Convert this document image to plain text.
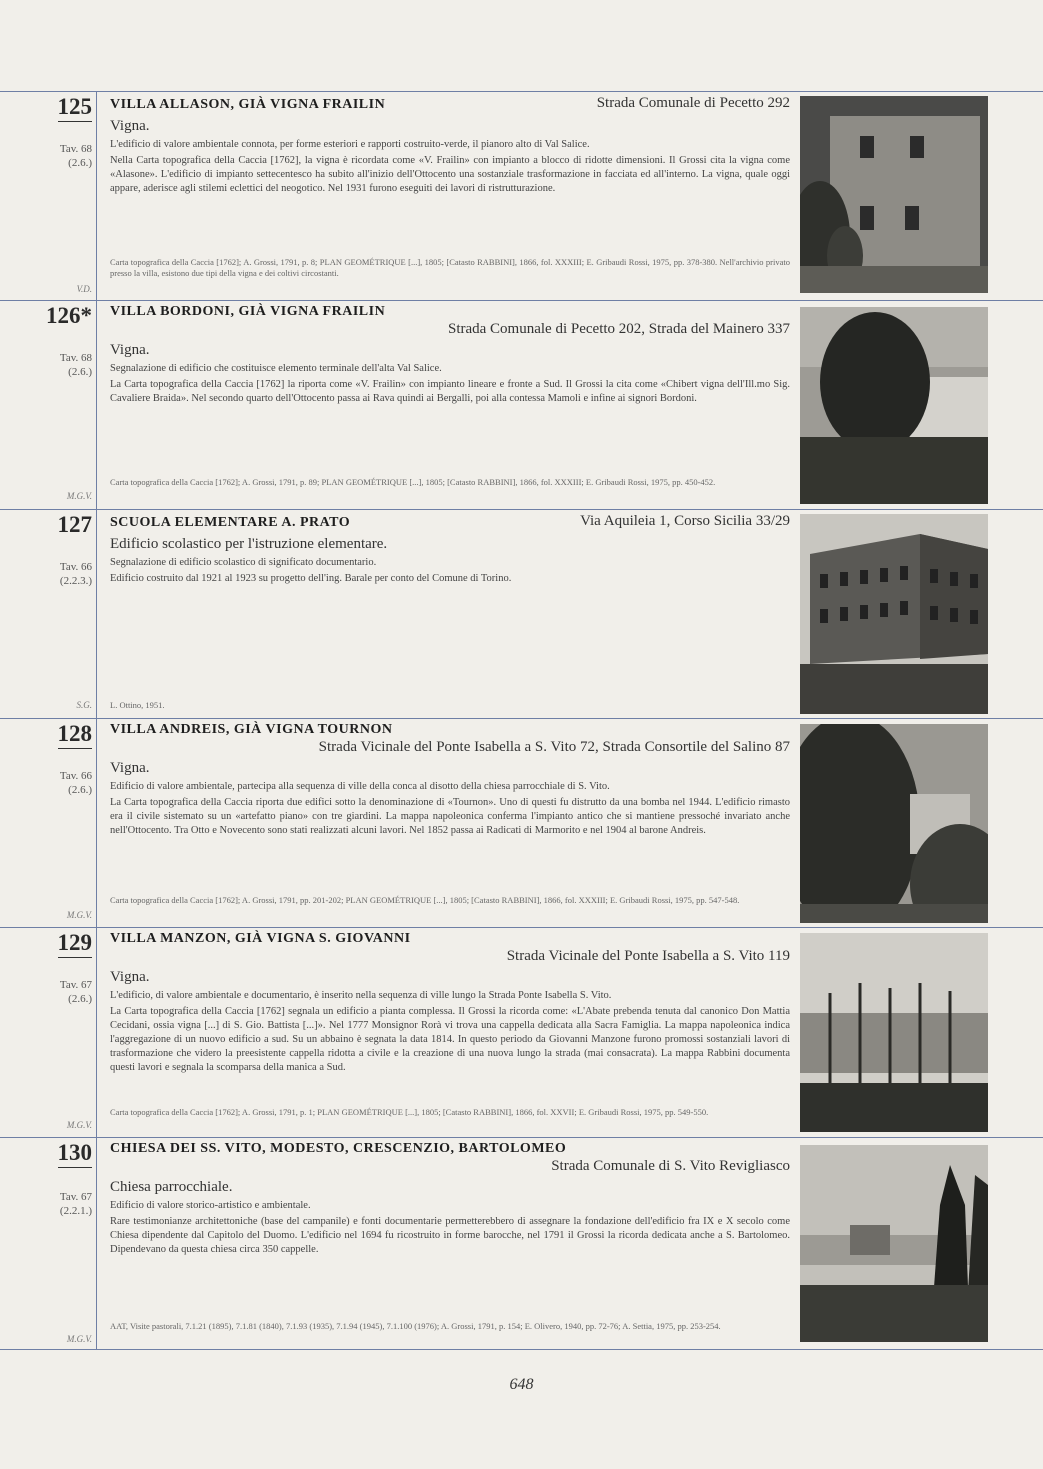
125
Tav. 68
(2.6.)
V.D.
VILLA ALLASON, GIÀ VIGNA FRAILIN	Strada Comunale di Pecetto 292
Vigna.
L'edificio di valore ambientale connota, per forme esteriori e rapporti costruito-verde, il pianoro alto di Val Salice.
Nella Carta topografica della Caccia [1762], la vigna è ricordata come «V. Frailin» con impianto a blocco di ridotte dimensioni. Il Grossi cita la vigna come «Alasone». L'edificio di impianto settecentesco ha subito all'inizio dell'Ottocento una sostanziale trasformazione in facciata ed all'interno. La vigna, quale oggi appare, aderisce agli stilemi eclettici del neogotico. Nel 1931 furono eseguiti dei lavori di ristrutturazione.
Carta topografica della Caccia [1762]; A. Grossi, 1791, p. 8; PLAN GEOMÉTRIQUE [...], 1805; [Catasto RABBINI], 1866, fol. XXXIII; E. Gribaudi Rossi, 1975, pp. 378-380. Nell'archivio privato presso la villa, esistono due tipi della vigna e dei coltivi circostanti.
126*
Tav. 68
(2.6.)
M.G.V.
VILLA BORDONI, GIÀ VIGNA FRAILIN
Strada Comunale di Pecetto 202, Strada del Mainero 337
Vigna.
Segnalazione di edificio che costituisce elemento terminale dell'alta Val Salice.
La Carta topografica della Caccia [1762] la riporta come «V. Frailin» con impianto lineare e fronte a Sud. Il Grossi la cita come «Chibert vigna dell'Ill.mo Sig. Cavaliere Braida». Nel secondo quarto dell'Ottocento passa ai Rava quindi ai Bergalli, poi alla contessa Mamoli e infine ai signori Bordoni.
Carta topografica della Caccia [1762]; A. Grossi, 1791, p. 89; PLAN GEOMÉTRIQUE [...], 1805; [Catasto RABBINI], 1866, fol. XXXIII; E. Gribaudi Rossi, 1975, pp. 450-452.
127
Tav. 66
(2.2.3.)
S.G.
SCUOLA ELEMENTARE A. PRATO	Via Aquileia 1, Corso Sicilia 33/29
Edificio scolastico per l'istruzione elementare.
Segnalazione di edificio scolastico di significato documentario.
Edificio costruito dal 1921 al 1923 su progetto dell'ing. Barale per conto del Comune di Torino.
L. Ottino, 1951.
128
Tav. 66
(2.6.)
M.G.V.
VILLA ANDREIS, GIÀ VIGNA TOURNON
Strada Vicinale del Ponte Isabella a S. Vito 72, Strada Consortile del Salino 87
Vigna.
Edificio di valore ambientale, partecipa alla sequenza di ville della conca al disotto della chiesa parrocchiale di S. Vito.
La Carta topografica della Caccia riporta due edifici sotto la denominazione di «Tournon». Uno di questi fu distrutto da una bomba nel 1944. L'edificio rimasto era il civile sistemato su un «artefatto piano» con tre giardini. La mappa napoleonica conferma l'impianto antico che si mantiene pressoché invariato anche nell'Ottocento. Tra Otto e Novecento sono stati realizzati alcuni lavori. Nel 1852 passa ai Radicati di Marmorito e nel 1904 al barone Andreis.
Carta topografica della Caccia [1762]; A. Grossi, 1791, pp. 201-202; PLAN GEOMÉTRIQUE [...], 1805; [Catasto RABBINI], 1866, fol. XXXIII; E. Gribaudi Rossi, 1975, pp. 547-548.
129
Tav. 67
(2.6.)
M.G.V.
VILLA MANZON, GIÀ VIGNA S. GIOVANNI
Strada Vicinale del Ponte Isabella a S. Vito 119
Vigna.
L'edificio, di valore ambientale e documentario, è inserito nella sequenza di ville lungo la Strada Ponte Isabella S. Vito.
La Carta topografica della Caccia [1762] segnala un edificio a pianta complessa. Il Grossi la ricorda come: «L'Abate prebenda tenuta dal canonico Don Mattia Cecidani, ossia vigna [...] di S. Gio. Battista [...]». Nel 1777 Monsignor Rorà vi trova una cappella dedicata alla Sacra Famiglia. La mappa napoleonica indica l'aggregazione di un nuovo edificio a sud. Su un abbaino è segnata la data 1814. In questo periodo da Giovanni Manzone furono promossi sostanziali lavori di trasformazione che videro la preesistente cappella ridotta a civile e la creazione di una nuova lungo la strada (mai consacrata). La mappa Rabbini documenta questi lavori e segnala la scomparsa della manica a Sud.
Carta topografica della Caccia [1762]; A. Grossi, 1791, p. 1; PLAN GEOMÉTRIQUE [...], 1805; [Catasto RABBINI], 1866, fol. XXVII; E. Gribaudi Rossi, 1975, pp. 549-550.
130
Tav. 67
(2.2.1.)
M.G.V.
CHIESA DEI SS. VITO, MODESTO, CRESCENZIO, BARTOLOMEO
Strada Comunale di S. Vito Revigliasco
Chiesa parrocchiale.
Edificio di valore storico-artistico e ambientale.
Rare testimonianze architettoniche (base del campanile) e fonti documentarie permetterebbero di assegnare la fondazione dell'edificio fra IX e X secolo come Chiesa dipendente dal Capitolo del Duomo. L'edificio nel 1694 fu ricostruito in forme barocche, nel 1791 il Grossi la ricorda dedicata anche a S. Bartolomeo. Dipendevano da questa chiesa circa 350 cappelle.
AAT, Visite pastorali, 7.1.21 (1895), 7.1.81 (1840), 7.1.93 (1935), 7.1.94 (1945), 7.1.100 (1976); A. Grossi, 1791, p. 154; E. Olivero, 1940, pp. 72-76; A. Settia, 1975, pp. 253-254.
648
